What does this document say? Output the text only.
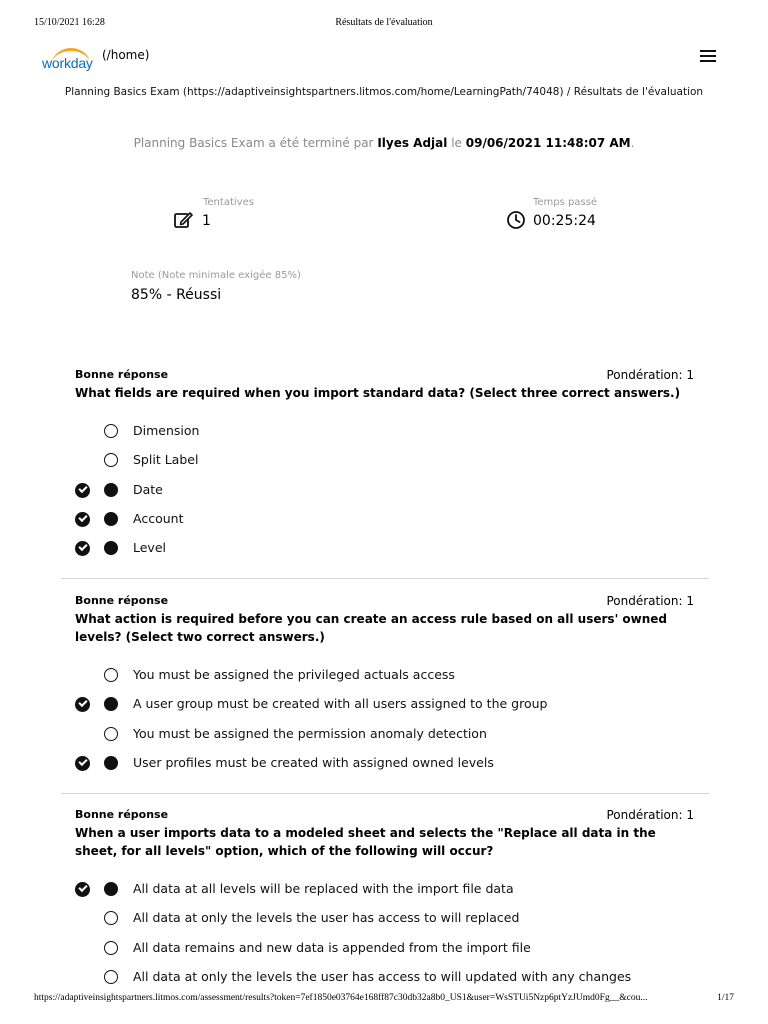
15/10/2021 16:28	Résultats de l'évaluation
workday (/home)
Planning Basics Exam (https://adaptiveinsightspartners.litmos.com/home/LearningPath/74048) / Résultats de l'évaluation
Planning Basics Exam a été terminé par Ilyes Adjal le 09/06/2021 11:48:07 AM.
Tentatives
1
Temps passé
00:25:24
Note (Note minimale exigée 85%)
85% - Réussi
Bonne réponse	Pondération: 1
What fields are required when you import standard data? (Select three correct answers.)
Dimension
Split Label
Date
Account
Level
Bonne réponse	Pondération: 1
What action is required before you can create an access rule based on all users' owned levels? (Select two correct answers.)
You must be assigned the privileged actuals access
A user group must be created with all users assigned to the group
You must be assigned the permission anomaly detection
User profiles must be created with assigned owned levels
Bonne réponse	Pondération: 1
When a user imports data to a modeled sheet and selects the "Replace all data in the sheet, for all levels" option, which of the following will occur?
All data at all levels will be replaced with the import file data
All data at only the levels the user has access to will replaced
All data remains and new data is appended from the import file
All data at only the levels the user has access to will updated with any changes
https://adaptiveinsightspartners.litmos.com/assessment/results?token=7ef1850e03764e168ff87c30db32a8b0_US1&user=WsSTUi5Nzp6ptYzJUmd0Fg__&cou...	1/17
